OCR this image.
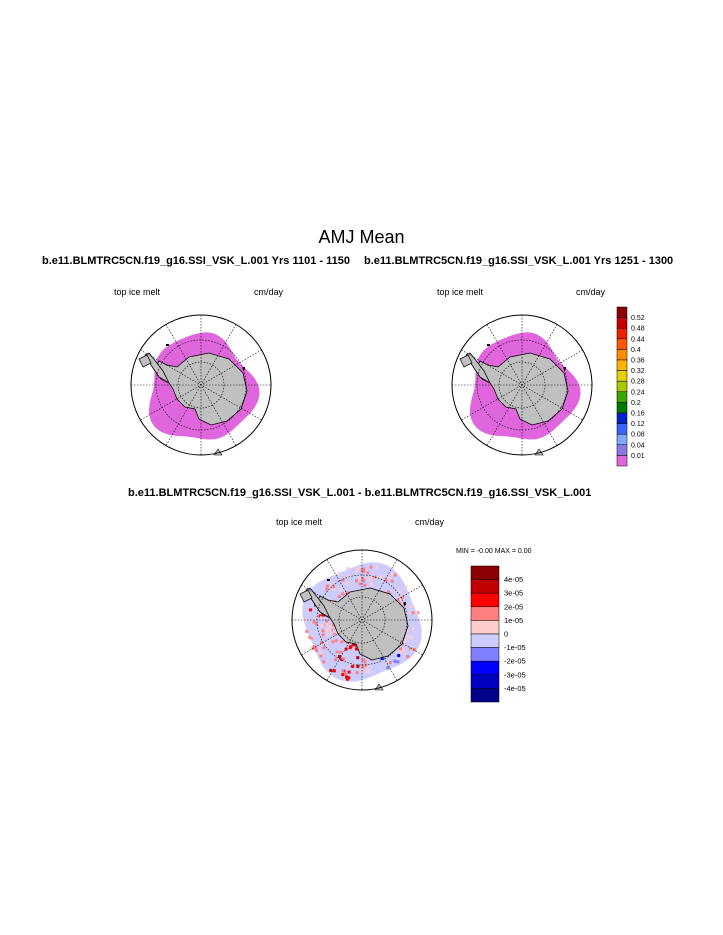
AMJ Mean
b.e11.BLMTRC5CN.f19_g16.SSI_VSK_L.001 Yrs 1101 - 1150
top ice melt	cm/day
b.e11.BLMTRC5CN.f19_g16.SSI_VSK_L.001 Yrs 1251 - 1300
top ice melt	cm/day
0.52
0.48
0.44
0.4
0.36
0.32
0.28
0.24
0.2
0.16
0.12
0.08
0.04
0.01
b.e11.BLMTRC5CN.f19_g16.SSI_VSK_L.001 - b.e11.BLMTRC5CN.f19_g16.SSI_VSK_L.001
top ice melt	cm/day
MIN = -0.00 MAX = 0.00
4e-05
3e-05
2e-05
1e-05
0
-1e-05
-2e-05
-3e-05
-4e-05
